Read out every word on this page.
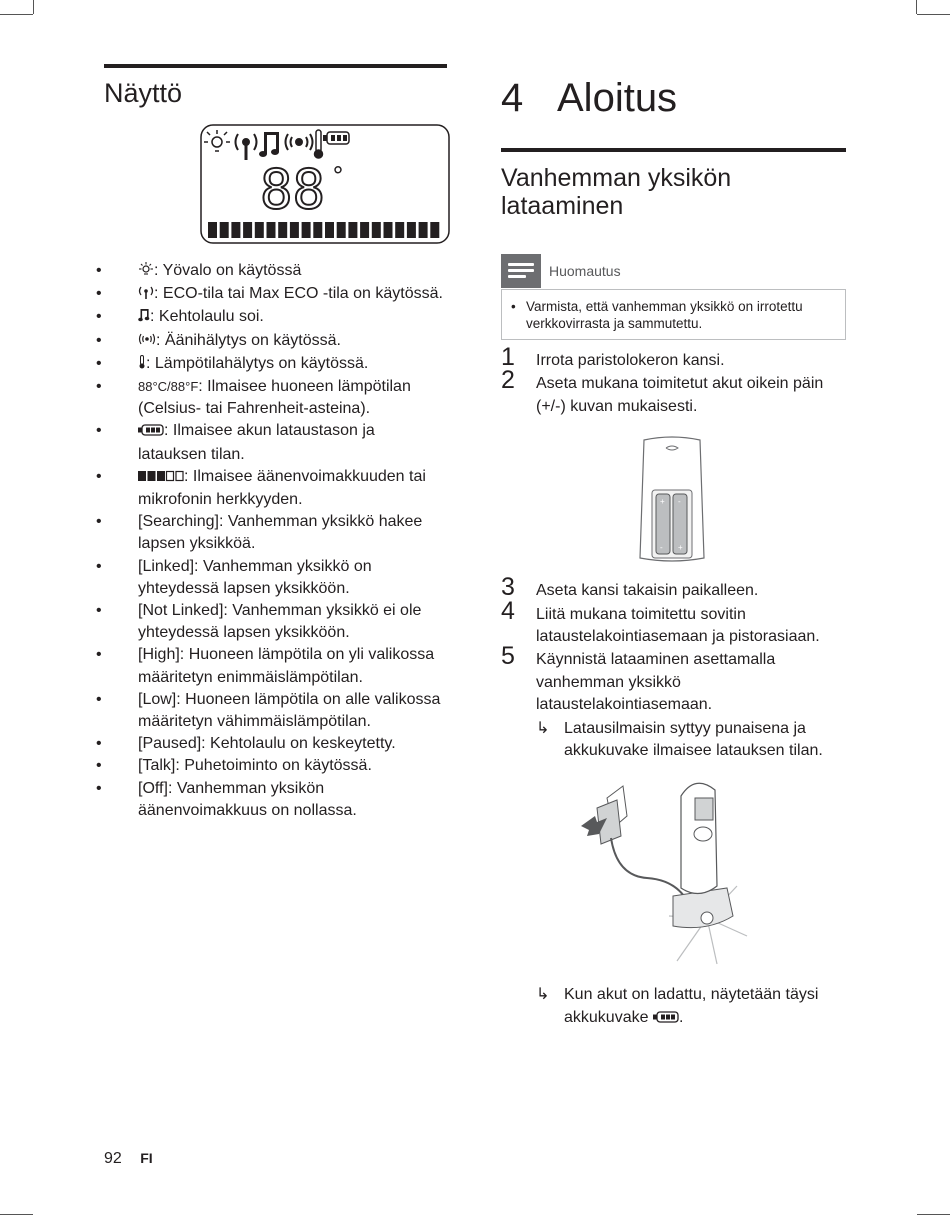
Näyttö
88 °
•	: Yövalo on käytössä
•	: ECO-tila tai Max ECO -tila on käytössä.
•	: Kehtolaulu soi.
•	: Äänihälytys on käytössä.
•	: Lämpötilahälytys on käytössä.
•	88°C/88°F: Ilmaisee huoneen lämpötilan (Celsius- tai Fahrenheit-asteina).
•	: Ilmaisee akun lataustason ja latauksen tilan.
•	: Ilmaisee äänenvoimakkuuden tai mikrofonin herkkyyden.
• [Searching]: Vanhemman yksikkö hakee lapsen yksikköä.
• [Linked]: Vanhemman yksikkö on yhteydessä lapsen yksikköön.
• [Not Linked]: Vanhemman yksikkö ei ole yhteydessä lapsen yksikköön.
• [High]: Huoneen lämpötila on yli valikossa määritetyn enimmäislämpötilan.
• [Low]: Huoneen lämpötila on alle valikossa määritetyn vähimmäislämpötilan.
• [Paused]: Kehtolaulu on keskeytetty.
• [Talk]: Puhetoiminto on käytössä.
• [Off]: Vanhemman yksikön äänenvoimakkuus on nollassa.
4 Aloitus
Vanhemman yksikön lataaminen
Huomautus
• Varmista, että vanhemman yksikkö on irrotettu verkkovirrasta ja sammutettu.
1 Irrota paristolokeron kansi.
2 Aseta mukana toimitetut akut oikein päin (+/-) kuvan mukaisesti.
+ -
- +
3 Aseta kansi takaisin paikalleen.
4 Liitä mukana toimitettu sovitin lataustelakointiasemaan ja pistorasiaan.
5 Käynnistä lataaminen asettamalla vanhemman yksikkö lataustelakointiasemaan.
↳ Latausilmaisin syttyy punaisena ja akkukuvake ilmaisee latauksen tilan.
↳ Kun akut on ladattu, näytetään täysi akkukuvake .
92 FI
